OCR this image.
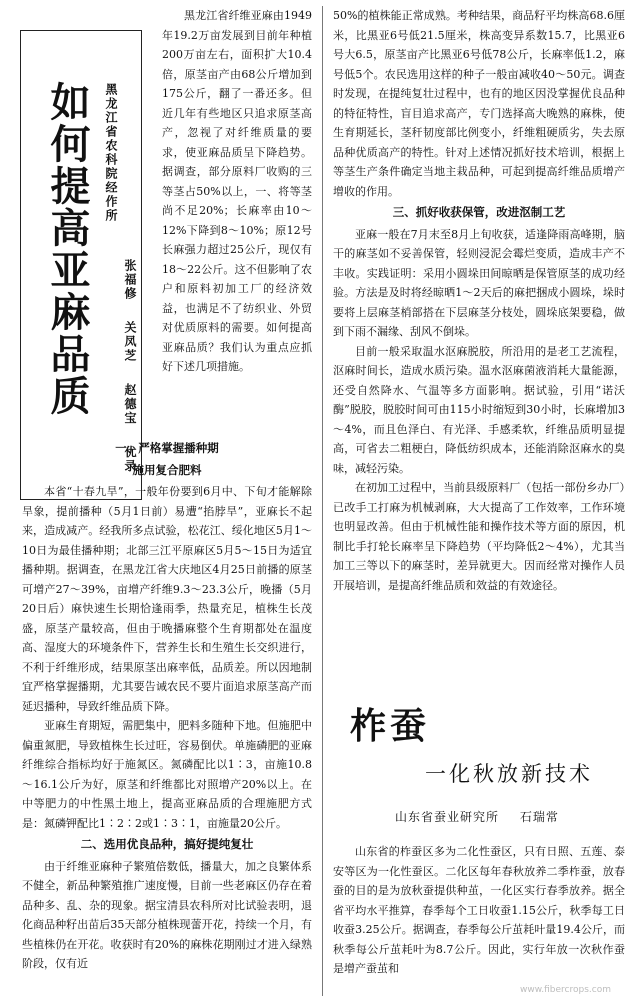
如何提高亚麻品质 黑龙江省农科院经作所
张福修 关凤芝 赵德宝 优录

黑龙江省纤维亚麻由1949年19.2万亩发展到目前年种植200万亩左右，面积扩大10.4倍，原茎亩产由68公斤增加到175公斤，翻了一番还多。但近几年有些地区只追求原茎高产，忽视了对纤维质量的要求，使亚麻品质呈下降趋势。据调查，部分原料厂收购的三等茎占50%以上，一、将等茎尚不足20%；长麻率由10～12%下降到8～10%；原12号长麻强力超过25公斤，现仅有18～22公斤。这不但影响了农户和原料初加工厂的经济效益，也满足不了纺织业、外贸对优质原料的需要。如何提高亚麻品质？我们认为重点应抓好下述几项措施。

一、严格掌握播种期
施用复合肥料

本省“十春九旱”，一般年份要到6月中、下旬才能解除旱象，提前播种（5月1日前）易遭“掐脖旱”，亚麻长不起来，造成减产。经我所多点试验，松花江、绥化地区5月1～10日为最佳播种期；北部三江平原麻区5月5～15日为适宜播种期。据调查，在黑龙江省大庆地区4月25日前播的原茎可增产27～39%，亩增产纤维9.3～23.3公斤，晚播（5月20日后）麻快速生长期恰逢雨季，热量充足，植株生长茂盛，原茎产量较高，但由于晚播麻整个生育期都处在温度高、湿度大的环境条件下，营养生长和生殖生长交织进行，不利于纤维形成，结果原茎出麻率低，品质差。所以因地制宜严格掌握播期，尤其要告诫农民不要片面追求原茎高产而延迟播种，导致纤维品质下降。

亚麻生育期短，需肥集中，肥料多随种下地。但施肥中偏重氮肥，导致植株生长过旺，容易倒伏。单施磷肥的亚麻纤维综合指标均好于施氮区。氮磷配比以1∶3，亩施10.8～16.1公斤为好，原茎和纤维都比对照增产20%以上。在中等肥力的中性黑土地上，提高亚麻品质的合理施肥方式是：氮磷钾配比1∶2∶2或1∶3∶1，亩施量20公斤。

二、选用优良品种，搞好提纯复壮

由于纤维亚麻种子繁殖倍数低，播量大，加之良繁体系不健全，新品种繁殖推广速度慢，目前一些老麻区仍存在着品种多、乱、杂的现象。据宝清县农科所对比试验表明，退化商品种籽出苗后35天部分植株现蕾开花，持续一个月，有些植株仍在开花。收获时有20%的麻株花期刚过才进入绿熟阶段，仅有近

50%的植株能正常成熟。考种结果，商品籽平均株高68.6厘米，比黑亚6号低21.5厘米，株高变异系数15.7，比黑亚6号大6.5，原茎亩产比黑亚6号低78公斤，长麻率低1.2，麻号低5个。农民选用这样的种子一般亩减收40～50元。调查时发现，在提纯复壮过程中，也有的地区因没掌握优良品种的特征特性，盲目追求高产，专门选择高大晚熟的麻株，使生育期延长，茎秆韧度部比例变小，纤维粗硬质劣，失去原品种优质高产的特性。针对上述情况抓好技术培训，根据上等茎生产条件确定当地主栽品种，可起到提高纤维品质增产增收的作用。

三、抓好收获保管，改进沤制工艺

亚麻一般在7月末至8月上旬收获，适逢降雨高峰期，脑干的麻茎如不妥善保管，轻则浸泥会霉烂变质，造成丰产不丰收。实践证明：采用小圆垛田间晾晒是保管原茎的成功经验。方法是及时将经晾晒1～2天后的麻把捆成小圆垛，垛时要将上层麻茎梢部搭在下层麻茎分枝处，圆垛底架要稳，做到下雨不漏缘、刮风不倒垛。

目前一般采取温水沤麻脱胶，所沿用的是老工艺流程，沤麻时间长，造成水质污染。温水沤麻菌液消耗大量能源，还受自然降水、气温等多方面影响。据试验，引用“诺沃酶”脱胶，脱胶时间可由115小时缩短到30小时，长麻增加3～4%，而且色泽白、有光泽、手感柔软，纤维品质明显提高，可省去二粗梗白，降低纺织成本，还能消除沤麻水的臭味，减轻污染。

在初加工过程中，当前县级原料厂（包括一部份乡办厂）已改手工打麻为机械剥麻，大大提高了工作效率，工作环境也明显改善。但由于机械性能和操作技术等方面的原因，机制比手打轮长麻率呈下降趋势（平均降低2～4%），尤其当加工三等以下的麻茎时，差异就更大。因而经常对操作人员开展培训，是提高纤维品质和效益的有效途径。

柞蚕
一化秋放新技术
山东省蚕业研究所 石瑞常

山东省的柞蚕区多为二化性蚕区，只有日照、五莲、泰安等区为一化性蚕区。二化区每年春秋放养二季柞蚕，放春蚕的目的是为放秋蚕提供种茧，一化区实行春季放养。据全省平均水平推算，春季每个工日收蚕1.15公斤，秋季每工日收蚕3.25公斤。据调查，春季每公斤茧耗叶量19.4公斤，而秋季每公斤茧耗叶为8.7公斤。因此，实行年放一次秋作蚕是增产蚕茧和

www.fibercrops.com
